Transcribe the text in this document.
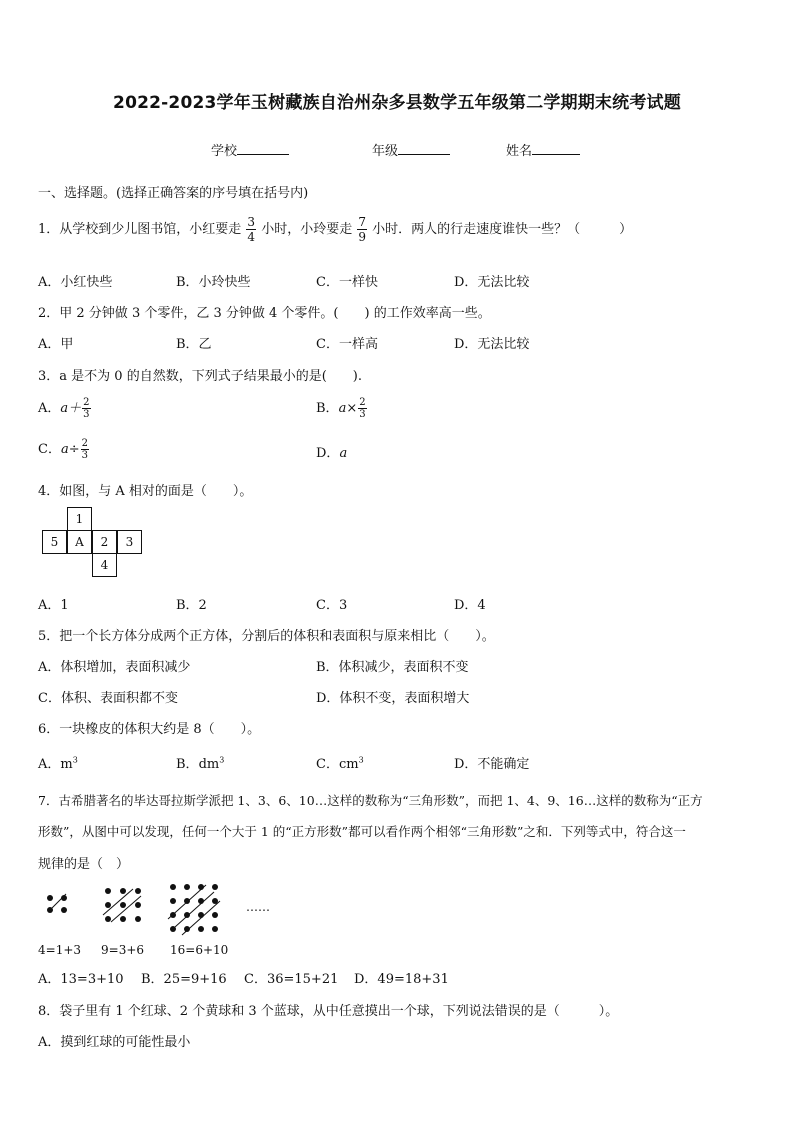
2022-2023学年玉树藏族自治州杂多县数学五年级第二学期期末统考试题
学校	年级	姓名
一、选择题。(选择正确答案的序号填在括号内)
1．从学校到少儿图书馆，小红要走 $\frac{3}{4}$ 小时，小玲要走 $\frac{7}{9}$ 小时．两人的行走速度谁快一些？（　　　）
A．小红快些	B．小玲快些	C．一样快	D．无法比较
2．甲 2 分钟做 3 个零件，乙 3 分钟做 4 个零件。(　　) 的工作效率高一些。
A．甲	B．乙	C．一样高	D．无法比较
3．a 是不为 0 的自然数，下列式子结果最小的是(　　).
A．$a+ \frac{2}{3}$	B．$a\times \frac{2}{3}$
C．$a\div \frac{2}{3}$	D．a
4．如图，与 A 相对的面是（　　）。
1
5	A	2	3
4
A．1	B．2	C．3	D．4
5．把一个长方体分成两个正方体，分割后的体积和表面积与原来相比（　　）。
A．体积增加，表面积减少	B．体积减少，表面积不变
C．体积、表面积都不变	D．体积不变，表面积增大
6．一块橡皮的体积大约是 8（　　）。
A．$m^3$	B．$dm^3$	C．$cm^3$	D．不能确定
7．古希腊著名的毕达哥拉斯学派把 1、3、6、10…这样的数称为“三角形数”，而把 1、4、9、16…这样的数称为“正方
形数”，从图中可以发现，任何一个大于 1 的“正方形数”都可以看作两个相邻“三角形数”之和．下列等式中，符合这一
规律的是（　）
……
4=1+3 9=3+6 16=6+10
A．13=3+10 B．25=9+16 C．36=15+21 D．49=18+31
8．袋子里有 1 个红球、2 个黄球和 3 个蓝球，从中任意摸出一个球，下列说法错误的是（　　　）。
A．摸到红球的可能性最小
